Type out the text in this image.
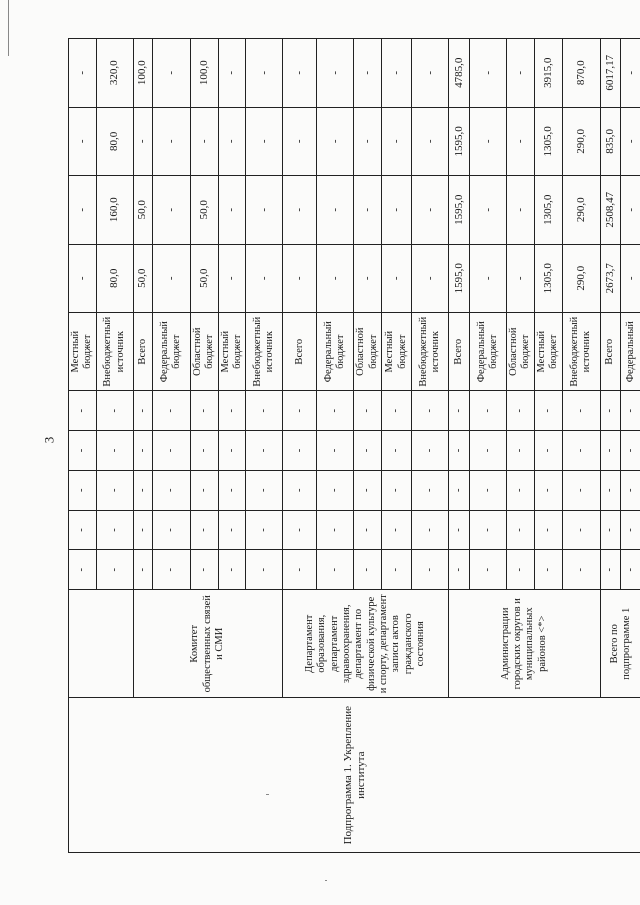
3
Подпрограмма 1. Укрепление института		-	-	-	-	-	Местный бюджет	-	-	-	-
		-	-	-	-	-	Внебюджетный источник	80,0	160,0	80,0	320,0
	Комитет общественных связей и СМИ	-	-	-	-	-	Всего	50,0	50,0	-	100,0
		-	-	-	-	-	Федеральный бюджет	-	-	-	-
		-	-	-	-	-	Областной бюджет	50,0	50,0	-	100,0
		-	-	-	-	-	Местный бюджет	-	-	-	-
		-	-	-	-	-	Внебюджетный источник	-	-	-	-
	Департамент образования, департамент здравоохранения, департамент по физической культуре и спорту, департамент записи актов гражданского состояния	-	-	-	-	-	Всего	-	-	-	-
		-	-	-	-	-	Федеральный бюджет	-	-	-	-
		-	-	-	-	-	Областной бюджет	-	-	-	-
		-	-	-	-	-	Местный бюджет	-	-	-	-
		-	-	-	-	-	Внебюджетный источник	-	-	-	-
	Администрации городских округов и муниципальных районов <*>	-	-	-	-	-	Всего	1595,0	1595,0	1595,0	4785,0
		-	-	-	-	-	Федеральный бюджет	-	-	-	-
		-	-	-	-	-	Областной бюджет	-	-	-	-
		-	-	-	-	-	Местный бюджет	1305,0	1305,0	1305,0	3915,0
		-	-	-	-	-	Внебюджетный источник	290,0	290,0	290,0	870,0
	Всего по подпрограмме 1	-	-	-	-	-	Всего	2673,7	2508,47	835,0	6017,17
		-	-	-	-	-	Федеральный	-	-	-	-
